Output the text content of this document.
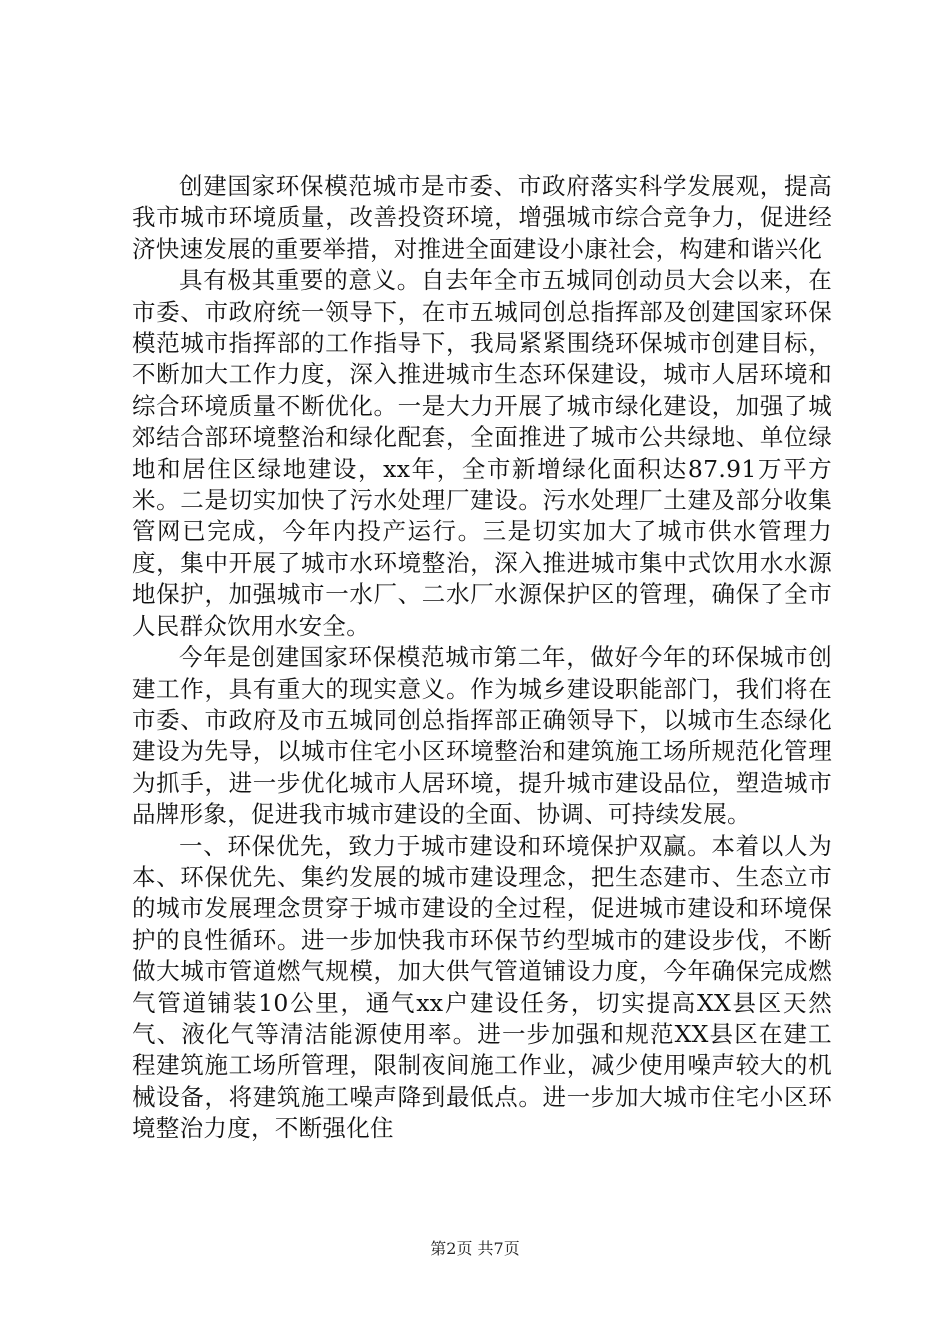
创建国家环保模范城市是市委、市政府落实科学发展观，提高我市城市环境质量，改善投资环境，增强城市综合竞争力，促进经济快速发展的重要举措，对推进全面建设小康社会，构建和谐兴化

具有极其重要的意义。自去年全市五城同创动员大会以来，在市委、市政府统一领导下，在市五城同创总指挥部及创建国家环保模范城市指挥部的工作指导下，我局紧紧围绕环保城市创建目标，不断加大工作力度，深入推进城市生态环保建设，城市人居环境和综合环境质量不断优化。一是大力开展了城市绿化建设，加强了城郊结合部环境整治和绿化配套，全面推进了城市公共绿地、单位绿地和居住区绿地建设，xx年，全市新增绿化面积达87.91万平方米。二是切实加快了污水处理厂建设。污水处理厂土建及部分收集管网已完成，今年内投产运行。三是切实加大了城市供水管理力度，集中开展了城市水环境整治，深入推进城市集中式饮用水水源地保护，加强城市一水厂、二水厂水源保护区的管理，确保了全市人民群众饮用水安全。

今年是创建国家环保模范城市第二年，做好今年的环保城市创建工作，具有重大的现实意义。作为城乡建设职能部门，我们将在市委、市政府及市五城同创总指挥部正确领导下，以城市生态绿化建设为先导，以城市住宅小区环境整治和建筑施工场所规范化管理为抓手，进一步优化城市人居环境，提升城市建设品位，塑造城市品牌形象，促进我市城市建设的全面、协调、可持续发展。

一、环保优先，致力于城市建设和环境保护双赢。本着以人为本、环保优先、集约发展的城市建设理念，把生态建市、生态立市的城市发展理念贯穿于城市建设的全过程，促进城市建设和环境保护的良性循环。进一步加快我市环保节约型城市的建设步伐，不断做大城市管道燃气规模，加大供气管道铺设力度，今年确保完成燃气管道铺装10公里，通气xx户建设任务，切实提高XX县区天然气、液化气等清洁能源使用率。进一步加强和规范XX县区在建工程建筑施工场所管理，限制夜间施工作业，减少使用噪声较大的机械设备，将建筑施工噪声降到最低点。进一步加大城市住宅小区环境整治力度，不断强化住

第2页 共7页
